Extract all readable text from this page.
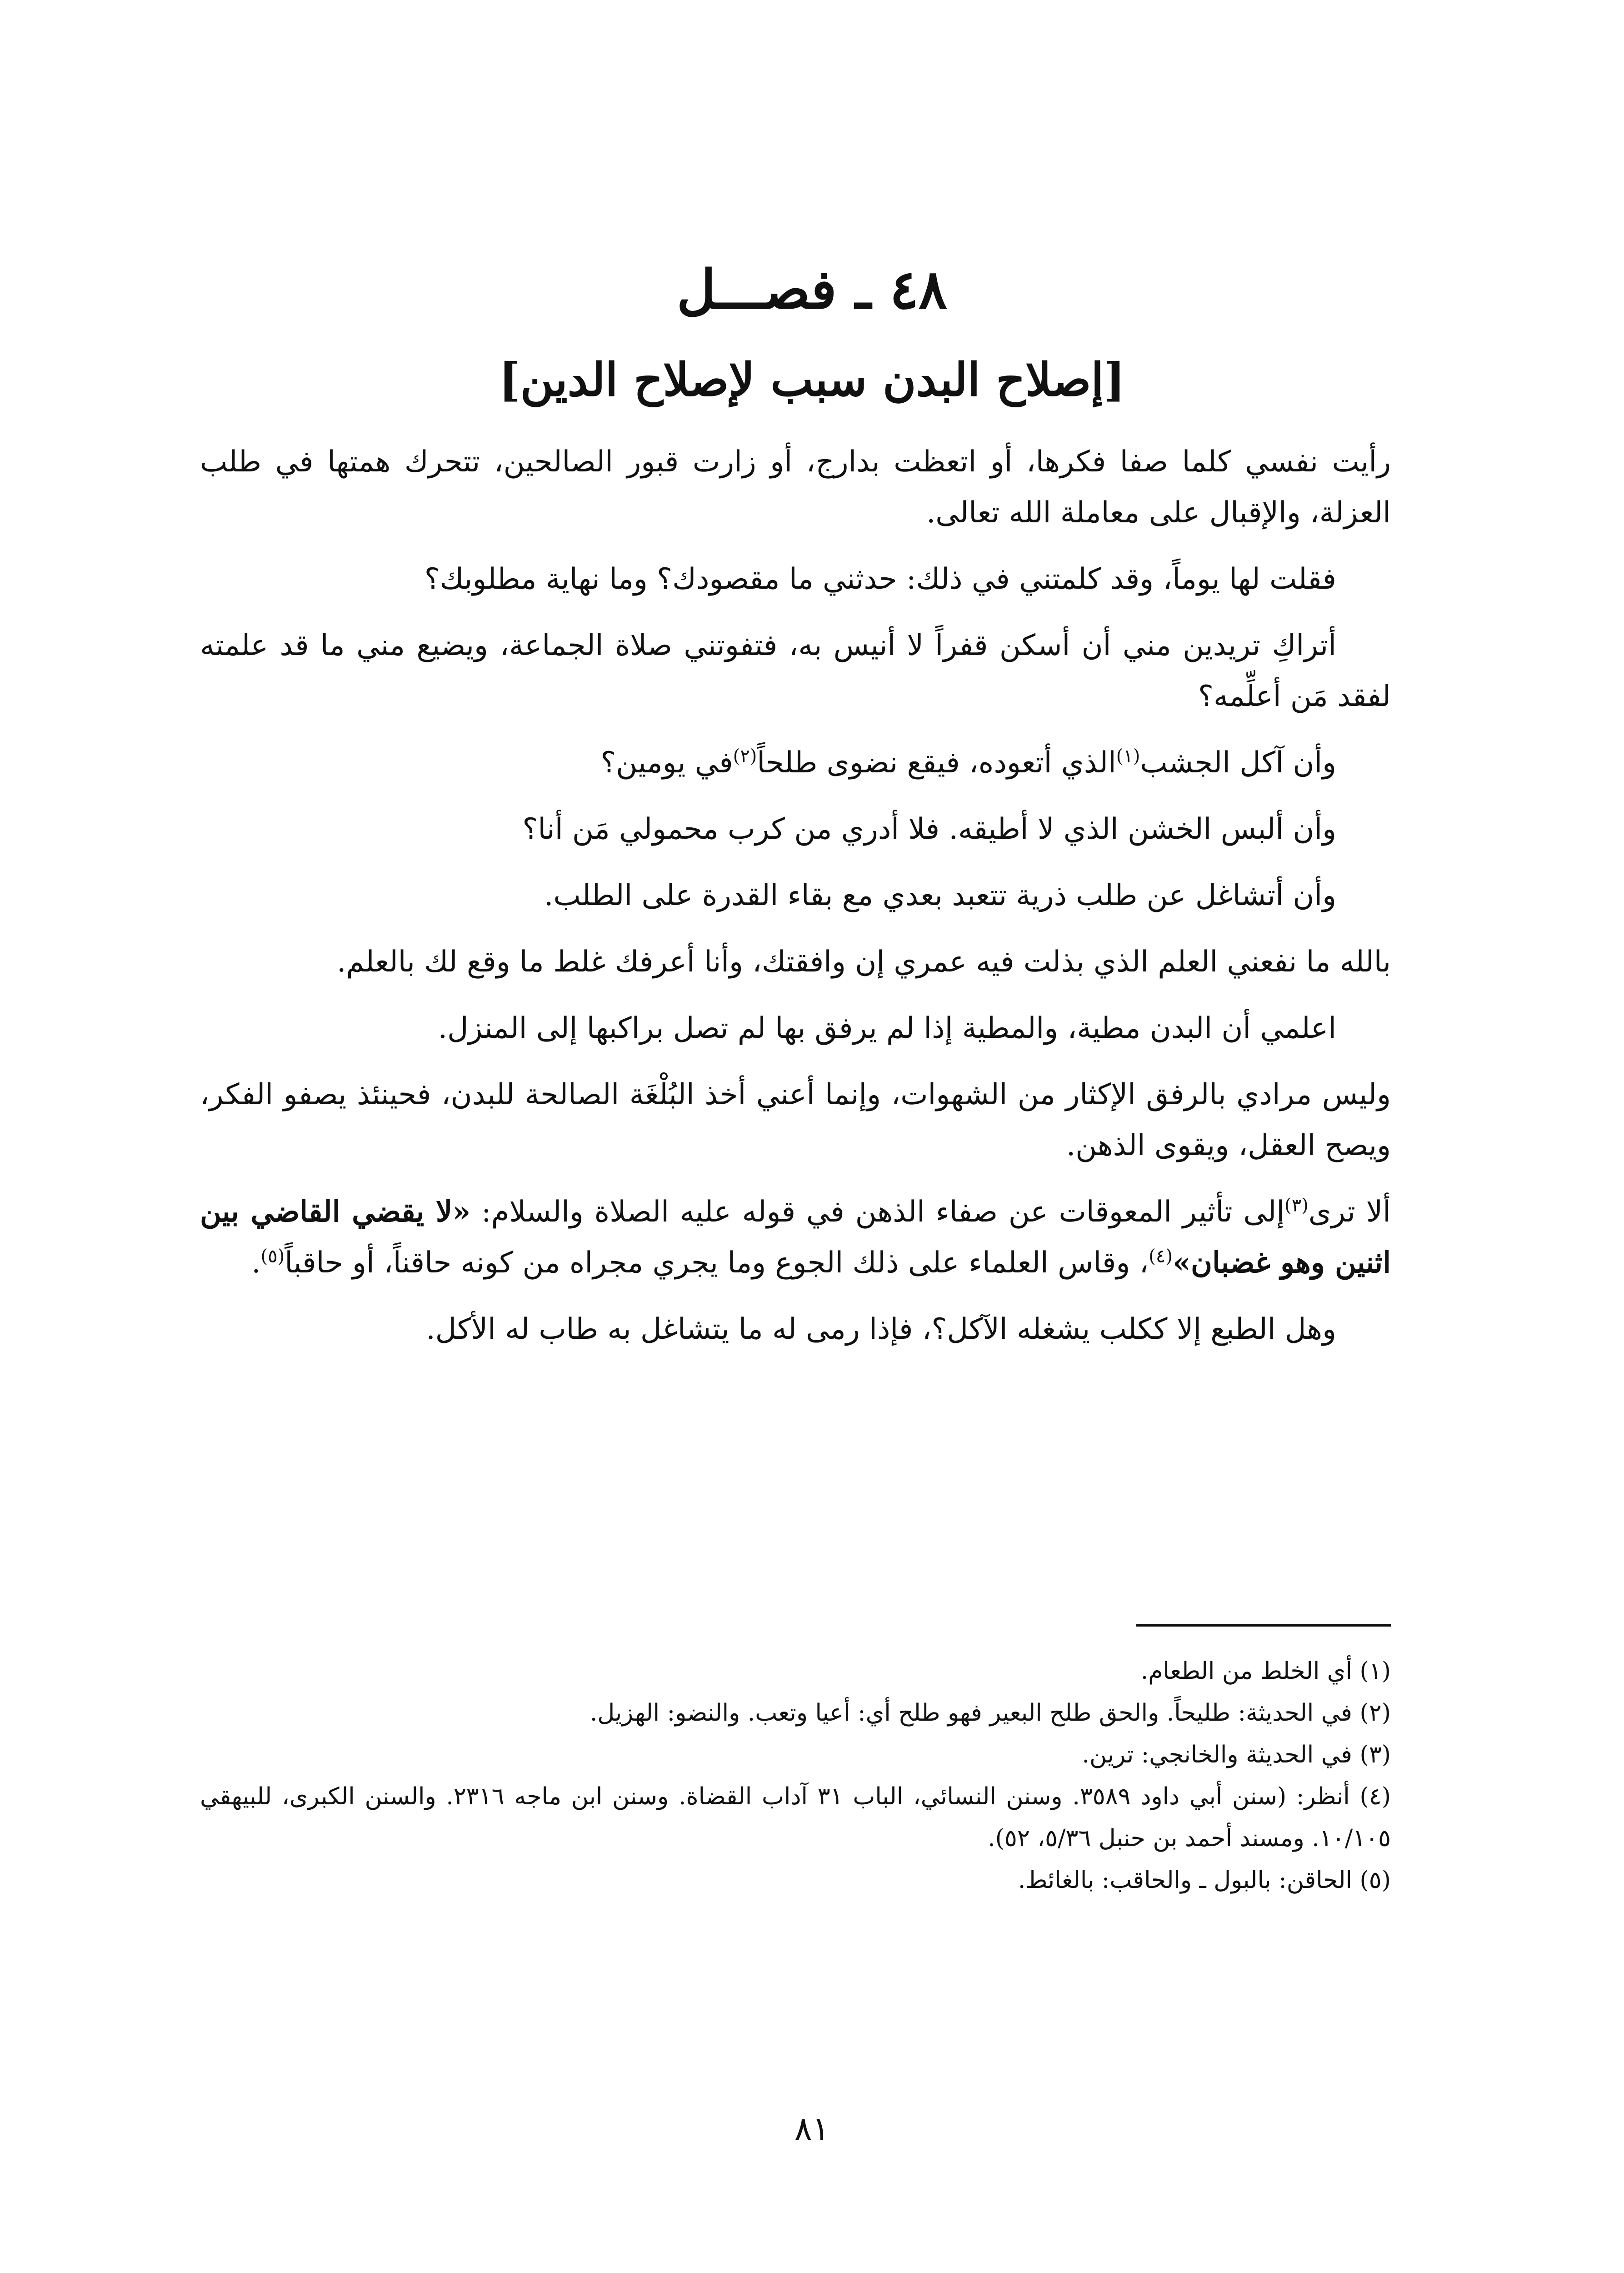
٤٨ ـ فصـــل
[إصلاح البدن سبب لإصلاح الدين]

رأيت نفسي كلما صفا فكرها، أو اتعظت بدارج، أو زارت قبور الصالحين، تتحرك همتها في طلب العزلة، والإقبال على معاملة الله تعالى.

فقلت لها يوماً، وقد كلمتني في ذلك: حدثني ما مقصودك؟ وما نهاية مطلوبك؟

أتراكِ تريدين مني أن أسكن قفراً لا أنيس به، فتفوتني صلاة الجماعة، ويضيع مني ما قد علمته لفقد مَن أعلِّمه؟

وأن آكل الجشب$^{(١)}$الذي أتعوده، فيقع نضوى طلحاً$^{(٢)}$في يومين؟

وأن ألبس الخشن الذي لا أطيقه. فلا أدري من كرب محمولي مَن أنا؟

وأن أتشاغل عن طلب ذرية تتعبد بعدي مع بقاء القدرة على الطلب.

بالله ما نفعني العلم الذي بذلت فيه عمري إن وافقتك، وأنا أعرفك غلط ما وقع لك بالعلم.

اعلمي أن البدن مطية، والمطية إذا لم يرفق بها لم تصل براكبها إلى المنزل.

وليس مرادي بالرفق الإكثار من الشهوات، وإنما أعني أخذ البُلْغَة الصالحة للبدن، فحينئذ يصفو الفكر، ويصح العقل، ويقوى الذهن.

ألا ترى$^{(٣)}$إلى تأثير المعوقات عن صفاء الذهن في قوله عليه الصلاة والسلام: «لا يقضي القاضي بين اثنين وهو غضبان»$^{(٤)}$، وقاس العلماء على ذلك الجوع وما يجري مجراه من كونه حاقناً، أو حاقباً$^{(٥)}$.

وهل الطبع إلا ككلب يشغله الآكل؟، فإذا رمى له ما يتشاغل به طاب له الأكل.

(١) أي الخلط من الطعام.

(٢) في الحديثة: طليحاً. والحق طلح البعير فهو طلح أي: أعيا وتعب. والنضو: الهزيل.

(٣) في الحديثة والخانجي: ترين.

(٤) أنظر: (سنن أبي داود ٣٥٨٩. وسنن النسائي، الباب ٣١ آداب القضاة. وسنن ابن ماجه ٢٣١٦. والسنن الكبرى، للبيهقي ١٠/١٠٥. ومسند أحمد بن حنبل ٥/٣٦، ٥٢).

(٥) الحاقن: بالبول ـ والحاقب: بالغائط.

٨١
